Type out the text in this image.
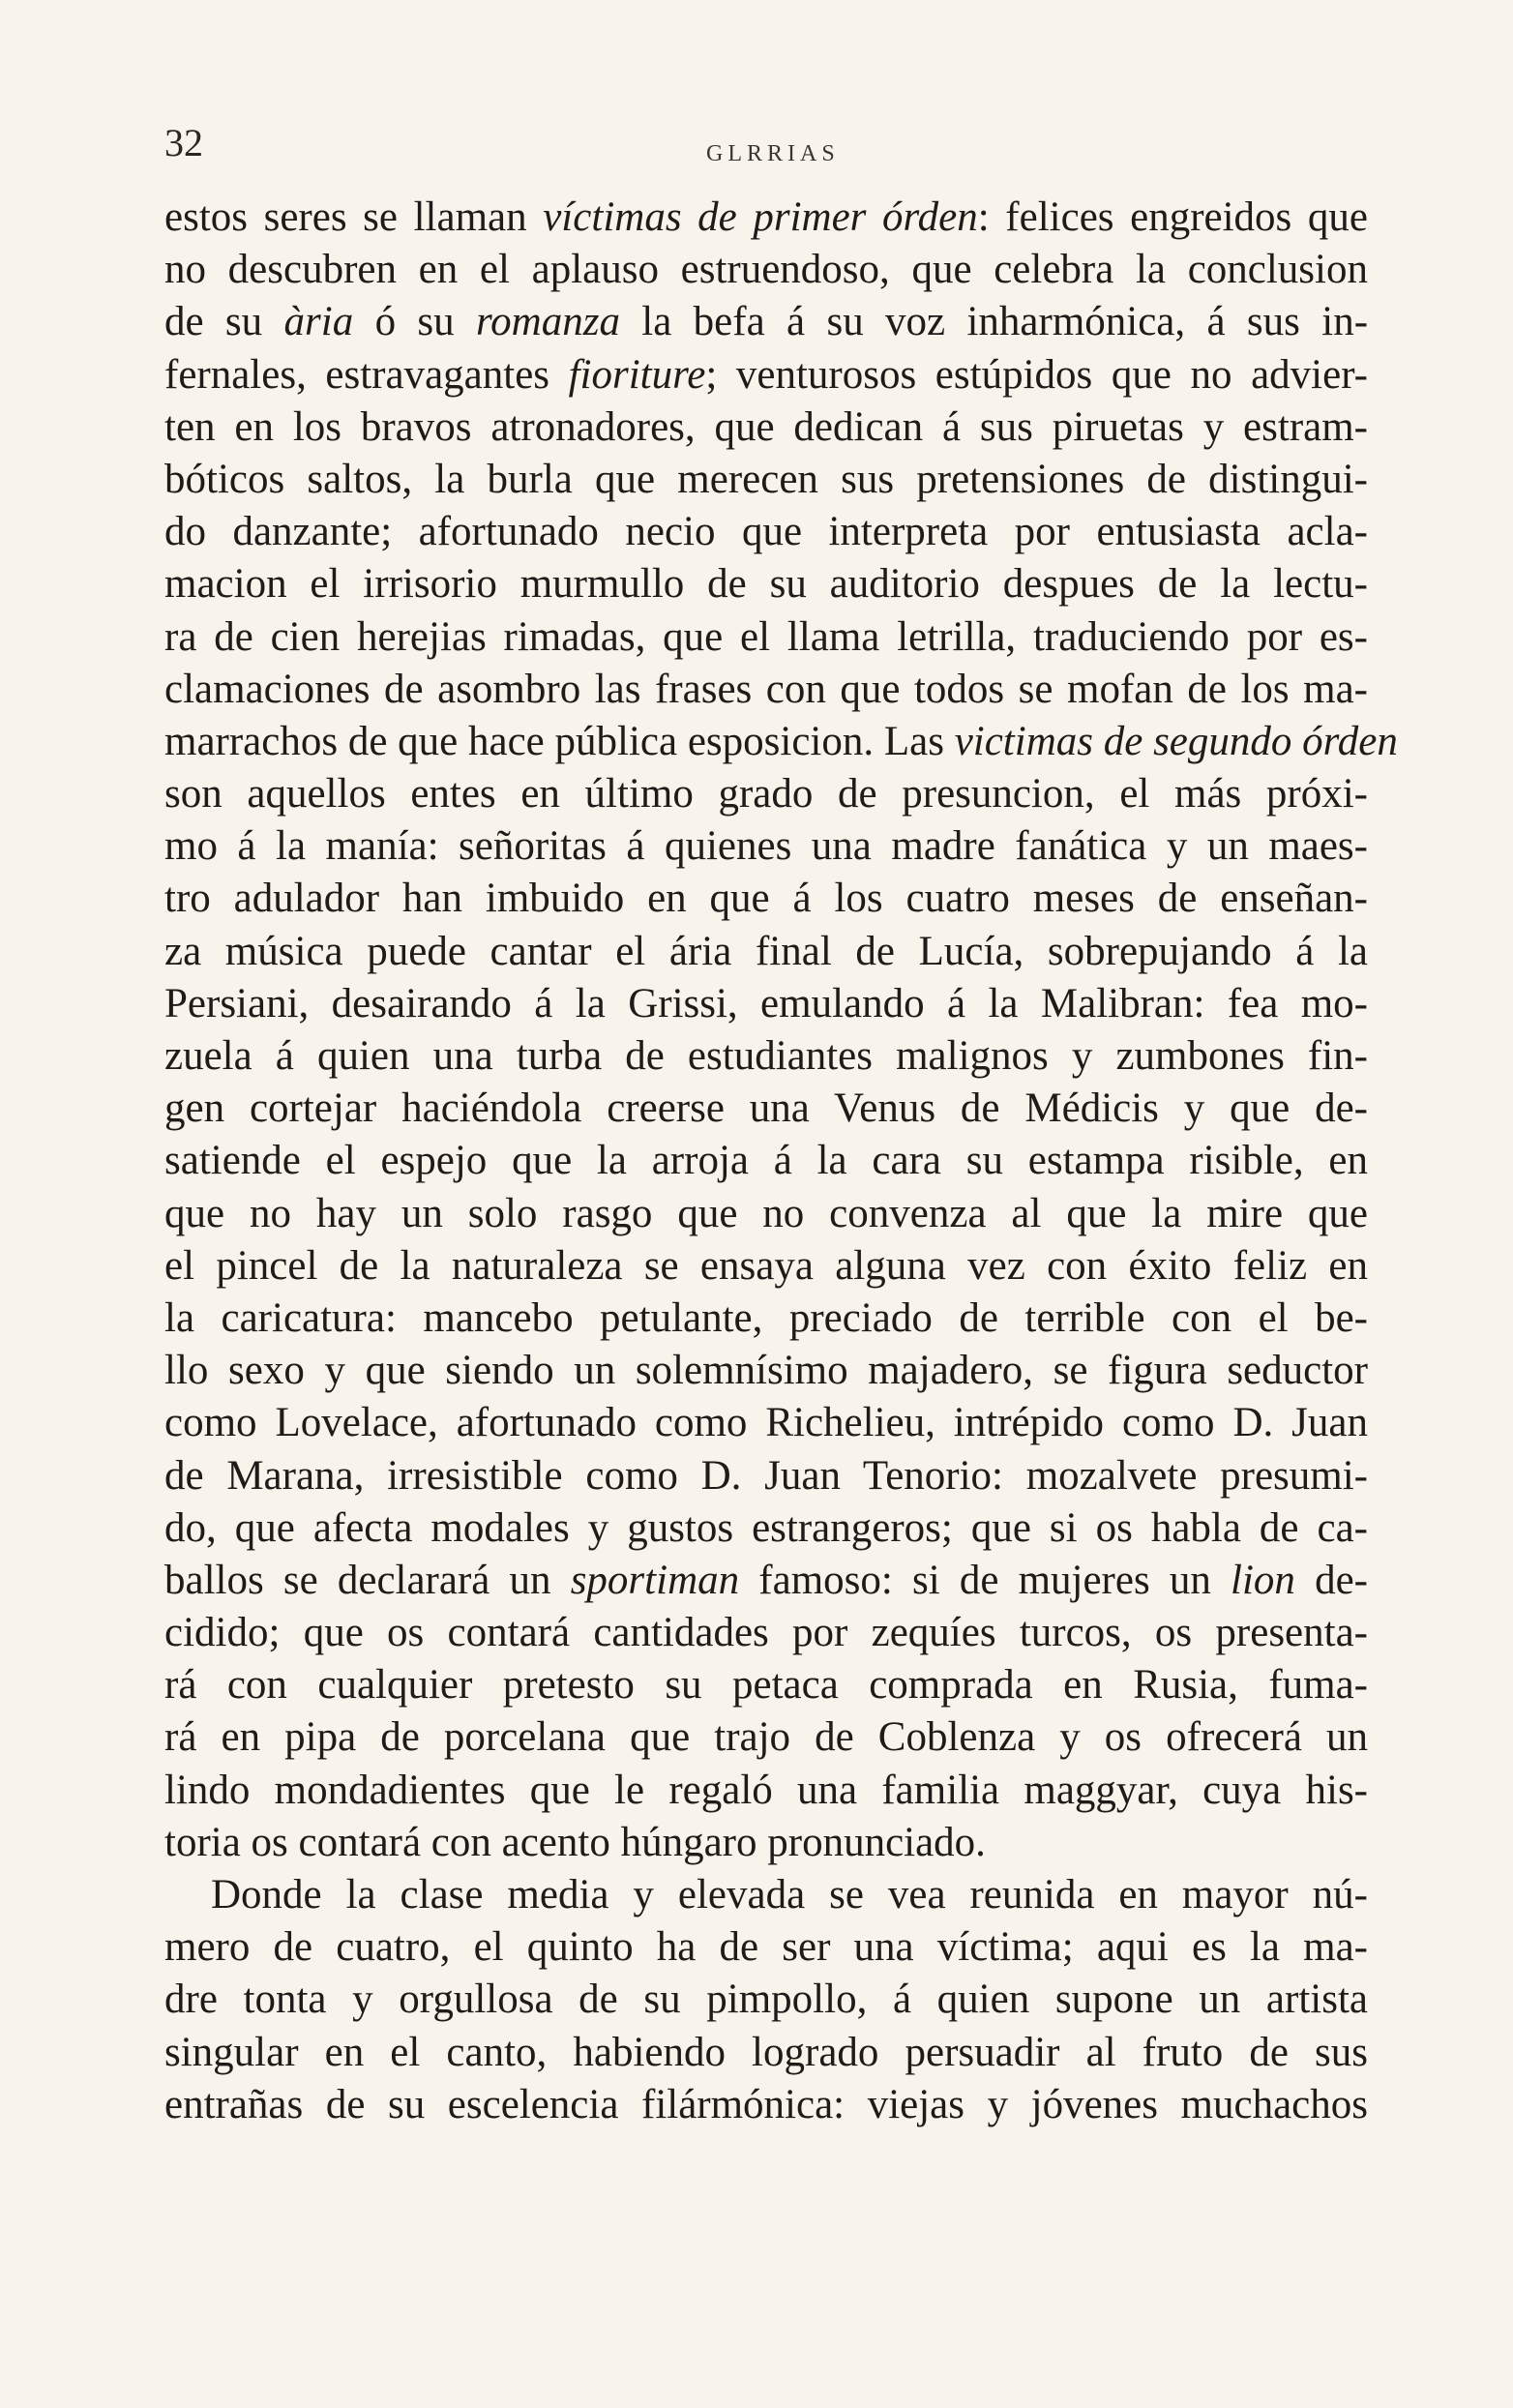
32	GLRRIAS
estos seres se llaman víctimas de primer órden: felices engreidos que
no descubren en el aplauso estruendoso, que celebra la conclusion
de su ària ó su romanza la befa á su voz inharmónica, á sus in-
fernales, estravagantes fioriture; venturosos estúpidos que no advier-
ten en los bravos atronadores, que dedican á sus piruetas y estram-
bóticos saltos, la burla que merecen sus pretensiones de distingui-
do danzante; afortunado necio que interpreta por entusiasta acla-
macion el irrisorio murmullo de su auditorio despues de la lectu-
ra de cien herejias rimadas, que el llama letrilla, traduciendo por es-
clamaciones de asombro las frases con que todos se mofan de los ma-
marrachos de que hace pública esposicion. Las victimas de segundo órden
son aquellos entes en último grado de presuncion, el más próxi-
mo á la manía: señoritas á quienes una madre fanática y un maes-
tro adulador han imbuido en que á los cuatro meses de enseñan-
za música puede cantar el ária final de Lucía, sobrepujando á la
Persiani, desairando á la Grissi, emulando á la Malibran: fea mo-
zuela á quien una turba de estudiantes malignos y zumbones fin-
gen cortejar haciéndola creerse una Venus de Médicis y que de-
satiende el espejo que la arroja á la cara su estampa risible, en
que no hay un solo rasgo que no convenza al que la mire que
el pincel de la naturaleza se ensaya alguna vez con éxito feliz en
la caricatura: mancebo petulante, preciado de terrible con el be-
llo sexo y que siendo un solemnísimo majadero, se figura seductor
como Lovelace, afortunado como Richelieu, intrépido como D. Juan
de Marana, irresistible como D. Juan Tenorio: mozalvete presumi-
do, que afecta modales y gustos estrangeros; que si os habla de ca-
ballos se declarará un sportiman famoso: si de mujeres un lion de-
cidido; que os contará cantidades por zequíes turcos, os presenta-
rá con cualquier pretesto su petaca comprada en Rusia, fuma-
rá en pipa de porcelana que trajo de Coblenza y os ofrecerá un
lindo mondadientes que le regaló una familia maggyar, cuya his-
toria os contará con acento húngaro pronunciado.
Donde la clase media y elevada se vea reunida en mayor nú-
mero de cuatro, el quinto ha de ser una víctima; aqui es la ma-
dre tonta y orgullosa de su pimpollo, á quien supone un artista
singular en el canto, habiendo logrado persuadir al fruto de sus
entrañas de su escelencia filármónica: viejas y jóvenes muchachos
